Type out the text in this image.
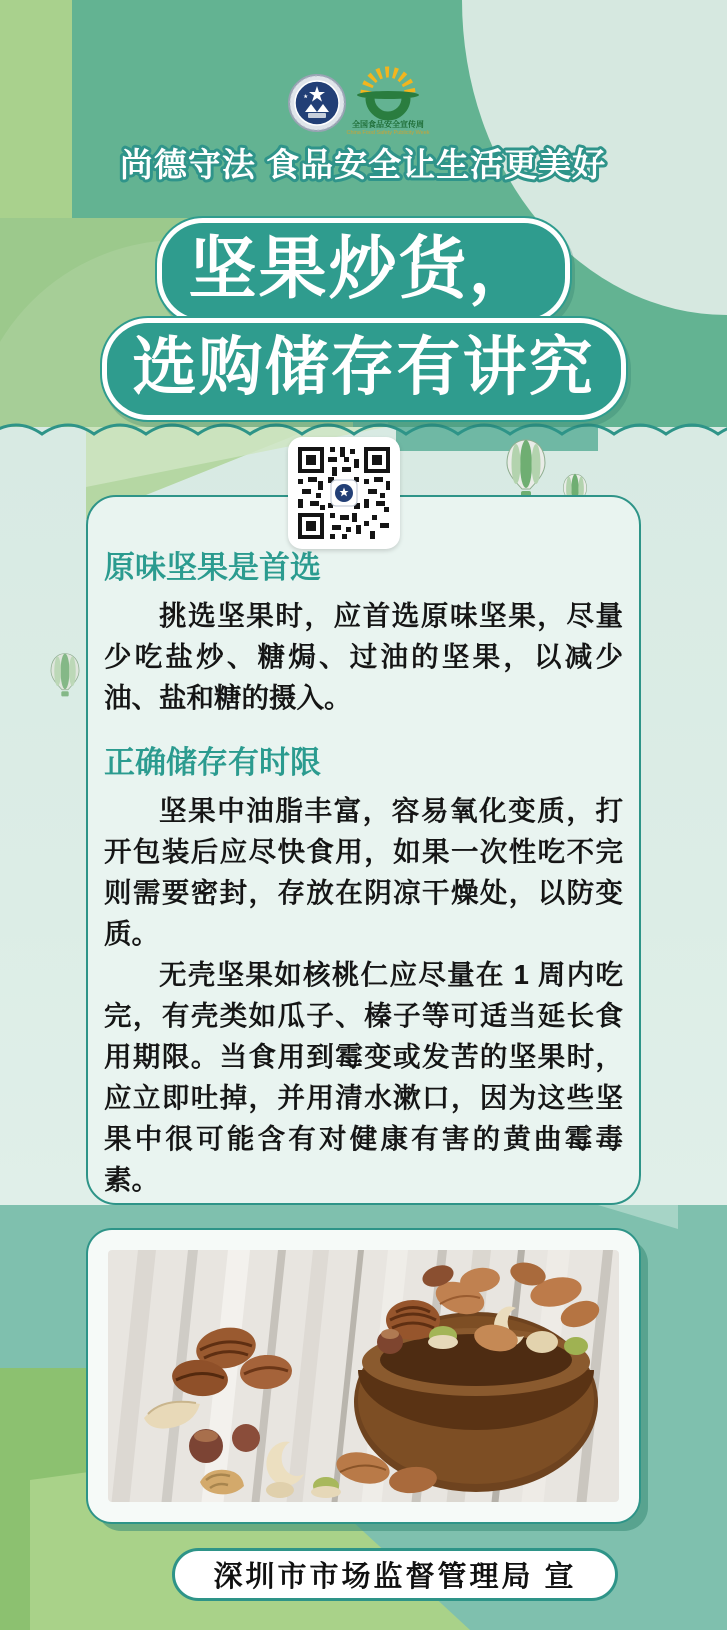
全国食品安全宣传周
China Food Safety Publicity Week
尚德守法 食品安全让生活更美好
坚果炒货，
选购储存有讲究
原味坚果是首选

挑选坚果时，应首选原味坚果，尽量少吃盐炒、糖焗、过油的坚果，以减少油、盐和糖的摄入。

正确储存有时限

坚果中油脂丰富，容易氧化变质，打开包装后应尽快食用，如果一次性吃不完则需要密封，存放在阴凉干燥处，以防变质。

无壳坚果如核桃仁应尽量在 1 周内吃完，有壳类如瓜子、榛子等可适当延长食用期限。当食用到霉变或发苦的坚果时，应立即吐掉，并用清水漱口，因为这些坚果中很可能含有对健康有害的黄曲霉毒素。

深圳市市场监督管理局 宣
